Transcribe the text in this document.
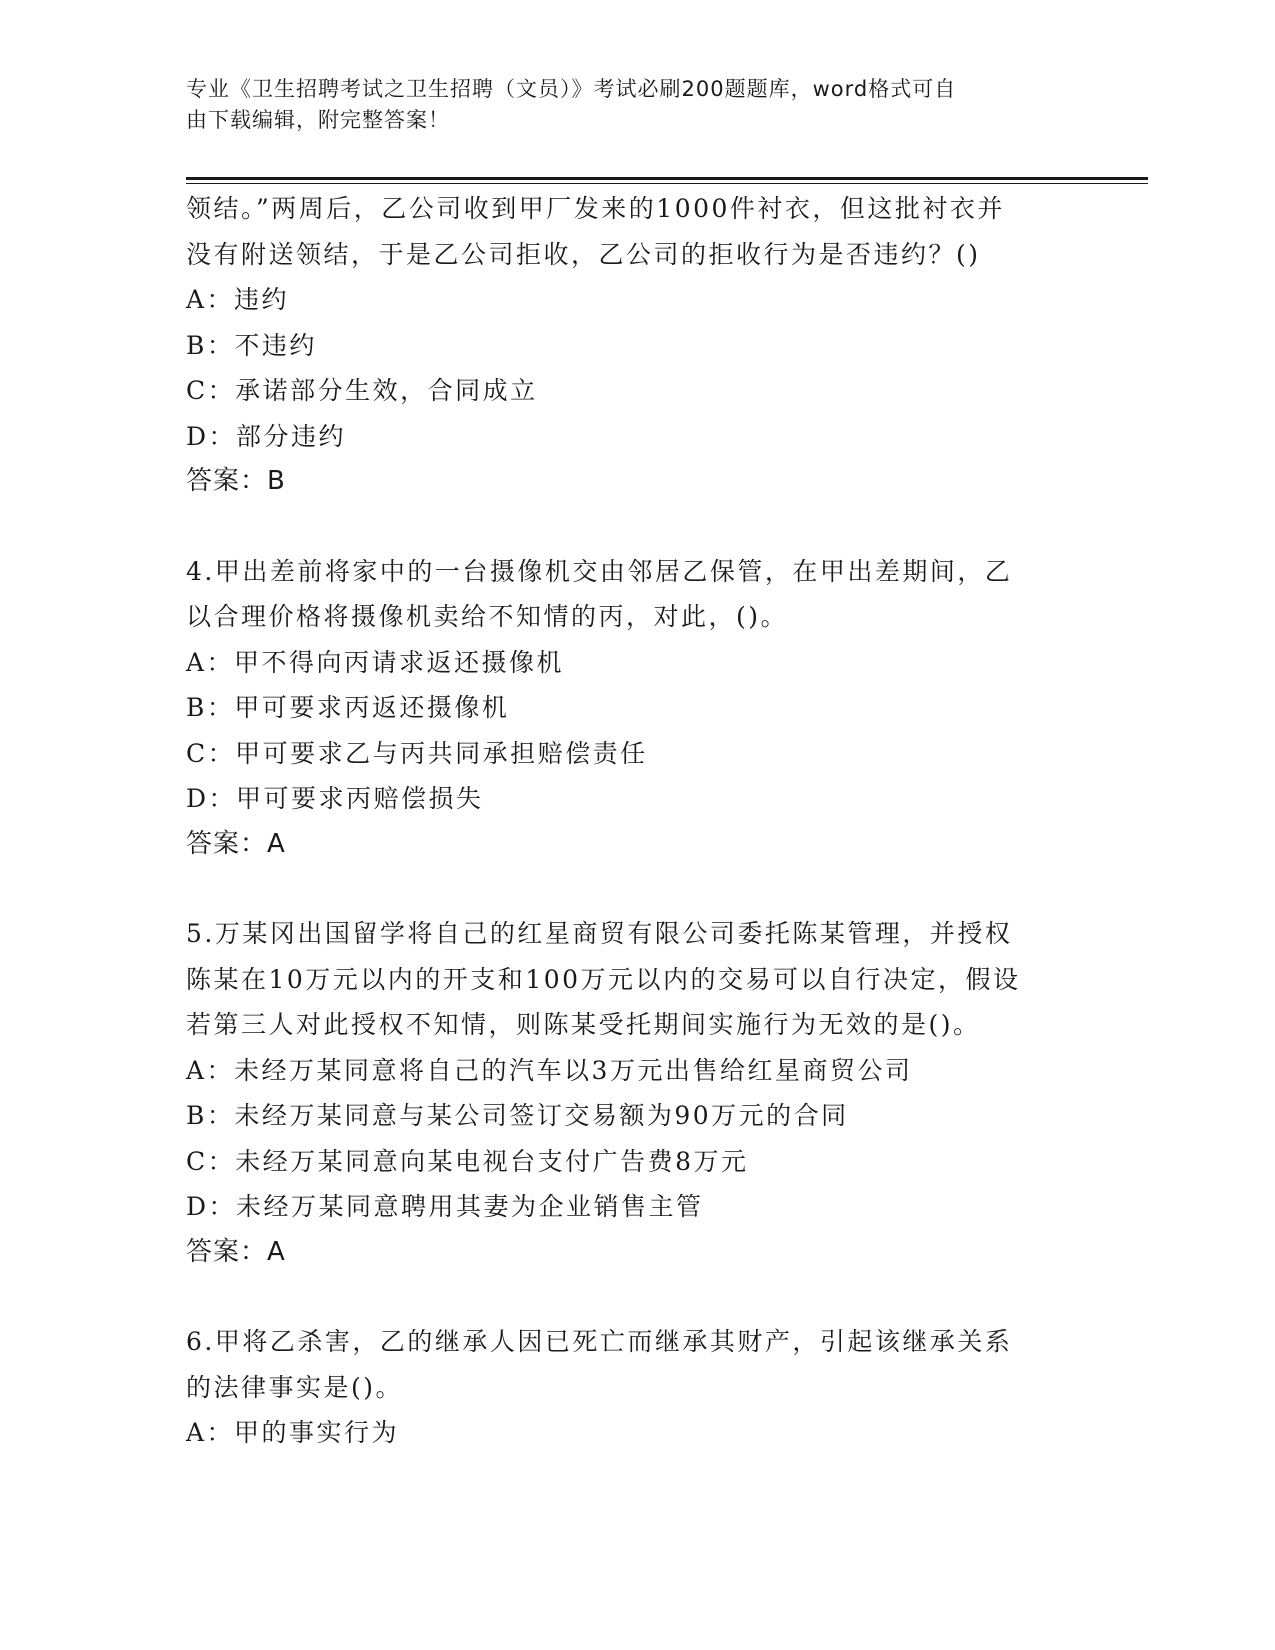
专业《卫生招聘考试之卫生招聘（文员）》考试必刷200题题库，word格式可自
由下载编辑，附完整答案！

领结。”两周后，乙公司收到甲厂发来的1000件衬衣，但这批衬衣并

没有附送领结，于是乙公司拒收，乙公司的拒收行为是否违约？()

A：违约

B：不违约

C：承诺部分生效，合同成立

D：部分违约

答案：B

4.甲出差前将家中的一台摄像机交由邻居乙保管，在甲出差期间，乙

以合理价格将摄像机卖给不知情的丙，对此，()。

A：甲不得向丙请求返还摄像机

B：甲可要求丙返还摄像机

C：甲可要求乙与丙共同承担赔偿责任

D：甲可要求丙赔偿损失

答案：A

5.万某冈出国留学将自己的红星商贸有限公司委托陈某管理，并授权

陈某在10万元以内的开支和100万元以内的交易可以自行决定，假设

若第三人对此授权不知情，则陈某受托期间实施行为无效的是()。

A：未经万某同意将自己的汽车以3万元出售给红星商贸公司

B：未经万某同意与某公司签订交易额为90万元的合同

C：未经万某同意向某电视台支付广告费8万元

D：未经万某同意聘用其妻为企业销售主管

答案：A

6.甲将乙杀害，乙的继承人因已死亡而继承其财产，引起该继承关系

的法律事实是()。

A：甲的事实行为
